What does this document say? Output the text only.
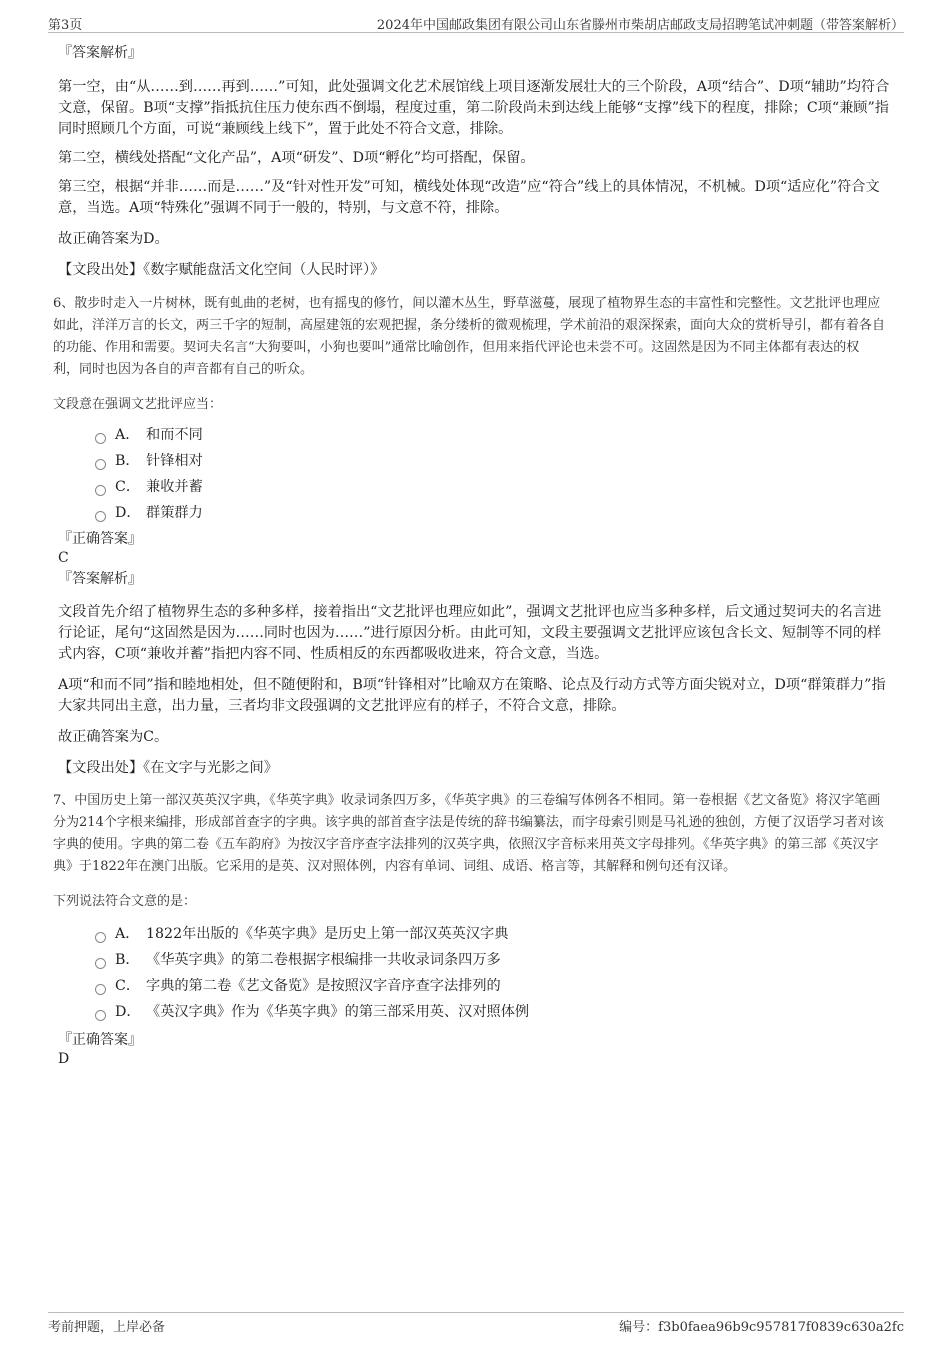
第3页	2024年中国邮政集团有限公司山东省滕州市柴胡店邮政支局招聘笔试冲刺题（带答案解析）
『答案解析』

第一空，由“从……到……再到……”可知，此处强调文化艺术展馆线上项目逐渐发展壮大的三个阶段，A项“结合”、D项“辅助”均符合文意，保留。B项“支撑”指抵抗住压力使东西不倒塌，程度过重，第二阶段尚未到达线上能够“支撑”线下的程度，排除；C项“兼顾”指同时照顾几个方面，可说“兼顾线上线下”，置于此处不符合文意，排除。

第二空，横线处搭配“文化产品”，A项“研发”、D项“孵化”均可搭配，保留。

第三空，根据“并非……而是……”及“针对性开发”可知，横线处体现“改造”应“符合”线上的具体情况，不机械。D项“适应化”符合文意，当选。A项“特殊化”强调不同于一般的，特别，与文意不符，排除。

故正确答案为D。

【文段出处】《数字赋能盘活文化空间（人民时评）》

6、散步时走入一片树林，既有虬曲的老树，也有摇曳的修竹，间以灌木丛生，野草滋蔓，展现了植物界生态的丰富性和完整性。文艺批评也理应如此，洋洋万言的长文，两三千字的短制，高屋建瓴的宏观把握，条分缕析的微观梳理，学术前沿的艰深探索，面向大众的赏析导引，都有着各自的功能、作用和需要。契诃夫名言“大狗要叫，小狗也要叫”通常比喻创作，但用来指代评论也未尝不可。这固然是因为不同主体都有表达的权利，同时也因为各自的声音都有自己的听众。

文段意在强调文艺批评应当：

A． 和而不同
B． 针锋相对
C． 兼收并蓄
D． 群策群力
『正确答案』
C
『答案解析』

文段首先介绍了植物界生态的多种多样，接着指出“文艺批评也理应如此”，强调文艺批评也应当多种多样，后文通过契诃夫的名言进行论证，尾句“这固然是因为……同时也因为……”进行原因分析。由此可知，文段主要强调文艺批评应该包含长文、短制等不同的样式内容，C项“兼收并蓄”指把内容不同、性质相反的东西都吸收进来，符合文意，当选。

A项“和而不同”指和睦地相处，但不随便附和，B项“针锋相对”比喻双方在策略、论点及行动方式等方面尖锐对立，D项“群策群力”指大家共同出主意，出力量，三者均非文段强调的文艺批评应有的样子，不符合文意，排除。

故正确答案为C。

【文段出处】《在文字与光影之间》

7、中国历史上第一部汉英英汉字典，《华英字典》收录词条四万多，《华英字典》的三卷编写体例各不相同。第一卷根据《艺文备览》将汉字笔画分为214个字根来编排，形成部首查字的字典。该字典的部首查字法是传统的辞书编纂法，而字母索引则是马礼逊的独创，方便了汉语学习者对该字典的使用。字典的第二卷《五车韵府》为按汉字音序查字法排列的汉英字典，依照汉字音标来用英文字母排列。《华英字典》的第三部《英汉字典》于1822年在澳门出版。它采用的是英、汉对照体例，内容有单词、词组、成语、格言等，其解释和例句还有汉译。

下列说法符合文意的是：

A． 1822年出版的《华英字典》是历史上第一部汉英英汉字典
B． 《华英字典》的第二卷根据字根编排一共收录词条四万多
C． 字典的第二卷《艺文备览》是按照汉字音序查字法排列的
D． 《英汉字典》作为《华英字典》的第三部采用英、汉对照体例
『正确答案』
D
考前押题，上岸必备	编号：f3b0faea96b9c957817f0839c630a2fc
